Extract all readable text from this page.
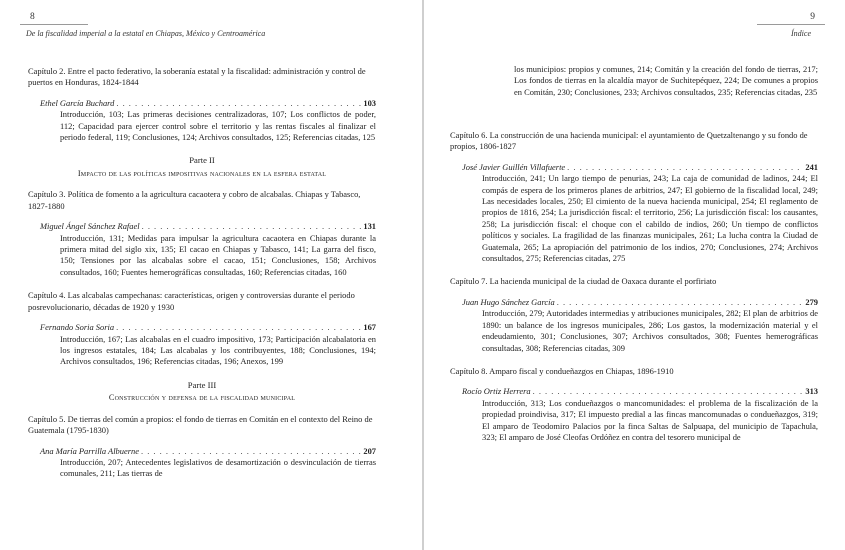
8
De la fiscalidad imperial a la estatal en Chiapas, México y Centroamérica
Capítulo 2. Entre el pacto federativo, la soberanía estatal y la fiscalidad: administración y control de puertos en Honduras, 1824-1844
Ethel García Buchard . . .	103
Introducción, 103; Las primeras decisiones centralizadoras, 107; Los conflictos de poder, 112; Capacidad para ejercer control sobre el territorio y las rentas fiscales al finalizar el periodo federal, 119; Conclusiones, 124; Archivos consultados, 125; Referencias citadas, 125
Parte II
Impacto de las políticas impositivas nacionales en la esfera estatal
Capítulo 3. Política de fomento a la agricultura cacaotera y cobro de alcabalas. Chiapas y Tabasco, 1827-1880
Miguel Ángel Sánchez Rafael . . .	131
Introducción, 131; Medidas para impulsar la agricultura cacaotera en Chiapas durante la primera mitad del siglo xix, 135; El cacao en Chiapas y Tabasco, 141; La garra del fisco, 150; Tensiones por las alcabalas sobre el cacao, 151; Conclusiones, 158; Archivos consultados, 160; Fuentes hemerográficas consultadas, 160; Referencias citadas, 160
Capítulo 4. Las alcabalas campechanas: características, origen y controversias durante el periodo posrevolucionario, décadas de 1920 y 1930
Fernando Soria Soria . . .	167
Introducción, 167; Las alcabalas en el cuadro impositivo, 173; Participación alcabalatoria en los ingresos estatales, 184; Las alcabalas y los contribuyentes, 188; Conclusiones, 194; Archivos consultados, 196; Referencias citadas, 196; Anexos, 199
Parte III
Construcción y defensa de la fiscalidad municipal
Capítulo 5. De tierras del común a propios: el fondo de tierras en Comitán en el contexto del Reino de Guatemala (1795-1830)
Ana María Parrilla Albuerne . . .	207
Introducción, 207; Antecedentes legislativos de desamortización o desvinculación de tierras comunales, 211; Las tierras de
9
Índice
los municipios: propios y comunes, 214; Comitán y la creación del fondo de tierras, 217; Los fondos de tierras en la alcaldía mayor de Suchitepéquez, 224; De comunes a propios en Comitán, 230; Conclusiones, 233; Archivos consultados, 235; Referencias citadas, 235
Capítulo 6. La construcción de una hacienda municipal: el ayuntamiento de Quetzaltenango y su fondo de propios, 1806-1827
José Javier Guillén Villafuerte . . .	241
Introducción, 241; Un largo tiempo de penurias, 243; La caja de comunidad de ladinos, 244; El compás de espera de los primeros planes de arbitrios, 247; El gobierno de la fiscalidad local, 249; Las necesidades locales, 250; El cimiento de la nueva hacienda municipal, 254; El reglamento de propios de 1816, 254; La jurisdicción fiscal: el territorio, 256; La jurisdicción fiscal: los causantes, 258; La jurisdicción fiscal: el choque con el cabildo de indios, 260; Un tiempo de conflictos políticos y sociales. La fragilidad de las finanzas municipales, 261; La lucha contra la Ciudad de Guatemala, 265; La apropiación del patrimonio de los indios, 270; Conclusiones, 274; Archivos consultados, 275; Referencias citadas, 275
Capítulo 7. La hacienda municipal de la ciudad de Oaxaca durante el porfiriato
Juan Hugo Sánchez García . . .	279
Introducción, 279; Autoridades intermedias y atribuciones municipales, 282; El plan de arbitrios de 1890: un balance de los ingresos municipales, 286; Los gastos, la modernización material y el endeudamiento, 301; Conclusiones, 307; Archivos consultados, 308; Fuentes hemerográficas consultadas, 308; Referencias citadas, 309
Capítulo 8. Amparo fiscal y condueñazgos en Chiapas, 1896-1910
Rocío Ortiz Herrera . . .	313
Introducción, 313; Los condueñazgos o mancomunidades: el problema de la fiscalización de la propiedad proindivisa, 317; El impuesto predial a las fincas mancomunadas o condueñazgos, 319; El amparo de Teodomiro Palacios por la finca Saltas de Salpuapa, del municipio de Tapachula, 323; El amparo de José Cleofas Ordóñez en contra del tesorero municipal de
